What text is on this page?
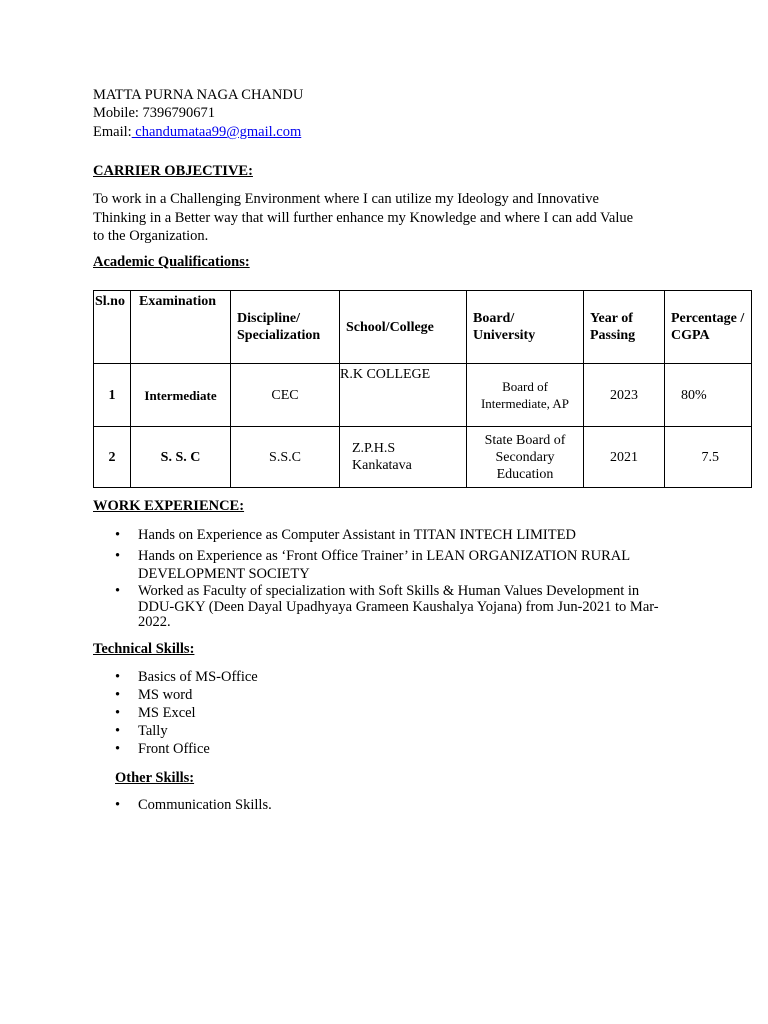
MATTA PURNA NAGA CHANDU
Mobile: 7396790671
Email: chandumataa99@gmail.com
CARRIER OBJECTIVE:
To work in a Challenging Environment where I can utilize my Ideology and Innovative
Thinking in a Better way that will further enhance my Knowledge and where I can add Value
to the Organization.
Academic Qualifications:
Sl.no	Examination	Discipline/ Specialization	School/College	Board/ University	Year of Passing	Percentage / CGPA
1	Intermediate	CEC	R.K COLLEGE	Board of Intermediate, AP	2023	80%
2	S. S. C	S.S.C	Z.P.H.S Kankatava	State Board of Secondary Education	2021	7.5
WORK EXPERIENCE:
• Hands on Experience as Computer Assistant in TITAN INTECH LIMITED
• Hands on Experience as ‘Front Office Trainer’ in LEAN ORGANIZATION RURAL DEVELOPMENT SOCIETY
• Worked as Faculty of specialization with Soft Skills & Human Values Development in DDU-GKY (Deen Dayal Upadhyaya Grameen Kaushalya Yojana) from Jun-2021 to Mar-2022.
Technical Skills:
• Basics of MS-Office
• MS word
• MS Excel
• Tally
• Front Office
Other Skills:
• Communication Skills.
